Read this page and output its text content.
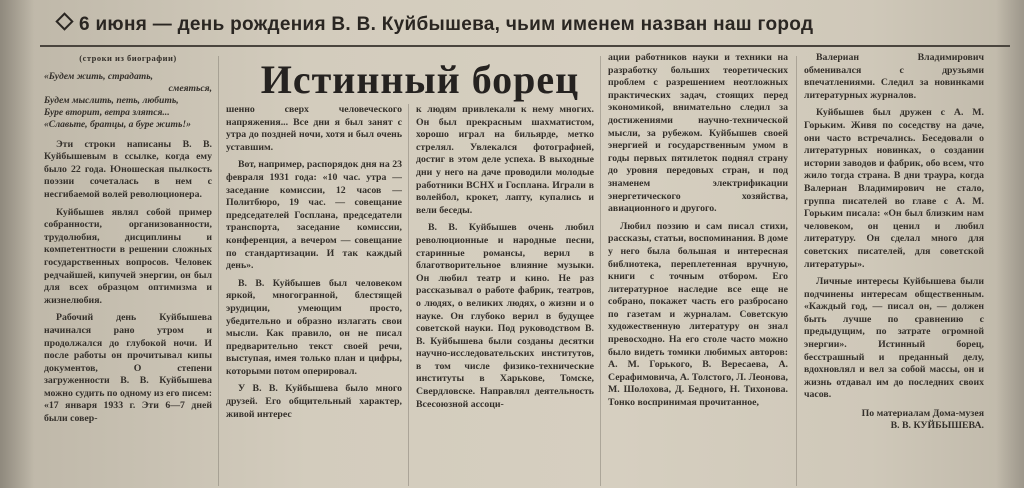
6 июня — день рождения В. В. Куйбышева, чьим именем назван наш город
Истинный борец
(строки из биографии)
«Будем жить, страдать,
смеяться,
Будем мыслить, петь, любить,
Буре вторит, ветра злятся...
«Славьте, братцы, а буре жить!»

Эти строки написаны В. В. Куйбышевым в ссылке, когда ему было 22 года. Юношеская пылкость поэзии сочеталась в нем с несгибаемой волей революционера.

Куйбышев являл собой пример собранности, организованности, трудолюбия, дисциплины и компетентности в решении сложных государственных вопросов. Человек редчайшей, кипучей энергии, он был для всех образцом оптимизма и жизнелюбия.

Рабочий день Куйбышева начинался рано утром и продолжался до глубокой ночи. И после работы он прочитывал кипы документов, О степени загруженности В. В. Куйбышева можно судить по одному из его писем: «17 января 1933 г. Эти 6—7 дней были совер-

шенно сверх человеческого напряжения... Все дни я был занят с утра до поздней ночи, хотя и был очень уставшим.

Вот, например, распорядок дня на 23 февраля 1931 года: «10 час. утра — заседание комиссии, 12 часов — Политбюро, 19 час. — совещание председателей Госплана, председатели транспорта, заседание комиссии, конференция, а вечером — совещание по стандартизации. И так каждый день».

В. В. Куйбышев был человеком яркой, многогранной, блестящей эрудиции, умеющим просто, убедительно и образно излагать свои мысли. Как правило, он не писал предварительно текст своей речи, выступая, имея только план и цифры, которыми потом оперировал.

У В. В. Куйбышева было много друзей. Его общительный характер, живой интерес

к людям привлекали к нему многих. Он был прекрасным шахматистом, хорошо играл на бильярде, метко стрелял. Увлекался фотографией, достиг в этом деле успеха. В выходные дни у него на даче проводили молодые работники ВСНХ и Госплана. Играли в волейбол, крокет, лапту, купались и вели беседы.

В. В. Куйбышев очень любил революционные и народные песни, старинные романсы, верил в благотворительное влияние музыки. Он любил театр и кино. Не раз рассказывал о работе фабрик, театров, о людях, о великих людях, о жизни и о науке. Он глубоко верил в будущее советской науки. Под руководством В. В. Куйбышева были созданы десятки научно-исследовательских институтов, в том числе физико-технические институты в Харькове, Томске, Свердловске. Направлял деятельность Всесоюзной ассоци-

ации работников науки и техники на разработку больших теоретических проблем с разрешением неотложных практических задач, стоящих перед экономикой, внимательно следил за достижениями научно-технической мысли, за рубежом. Куйбышев своей энергией и государственным умом в годы первых пятилеток поднял страну до уровня передовых стран, и под знаменем электрификации энергетического хозяйства, авиационного и другого.

Любил поэзию и сам писал стихи, рассказы, статьи, воспоминания. В доме у него была большая и интересная библиотека, переплетенная вручную, книги с точным отбором. Его литературное наследие все еще не собрано, покажет часть его разбросано по газетам и журналам. Советскую художественную литературу он знал превосходно. На его столе часто можно было видеть томики любимых авторов: А. М. Горького, В. Вересаева, А. Серафимовича, А. Толстого, Л. Леонова, М. Шолохова, Д. Бедного, Н. Тихонова. Тонко воспринимая прочитанное,

Валериан Владимирович обменивался с друзьями впечатлениями. Следил за новинками литературных журналов.

Куйбышев был дружен с А. М. Горьким. Живя по соседству на даче, они часто встречались. Беседовали о литературных новинках, о создании истории заводов и фабрик, обо всем, что жило тогда страна. В дни траура, когда Валериан Владимирович не стало, группа писателей во главе с А. М. Горьким писала: «Он был близким нам человеком, он ценил и любил литературу. Он сделал много для советских писателей, для советской литературы».

Личные интересы Куйбышева были подчинены интересам общественным. «Каждый год, — писал он, — должен быть лучше по сравнению с предыдущим, по затрате огромной энергии». Истинный борец, бесстрашный и преданный делу, вдохновлял и вел за собой массы, он и жизнь отдавал им до последних своих часов.

По материалам Дома-музея
В. В. КУЙБЫШЕВА.
